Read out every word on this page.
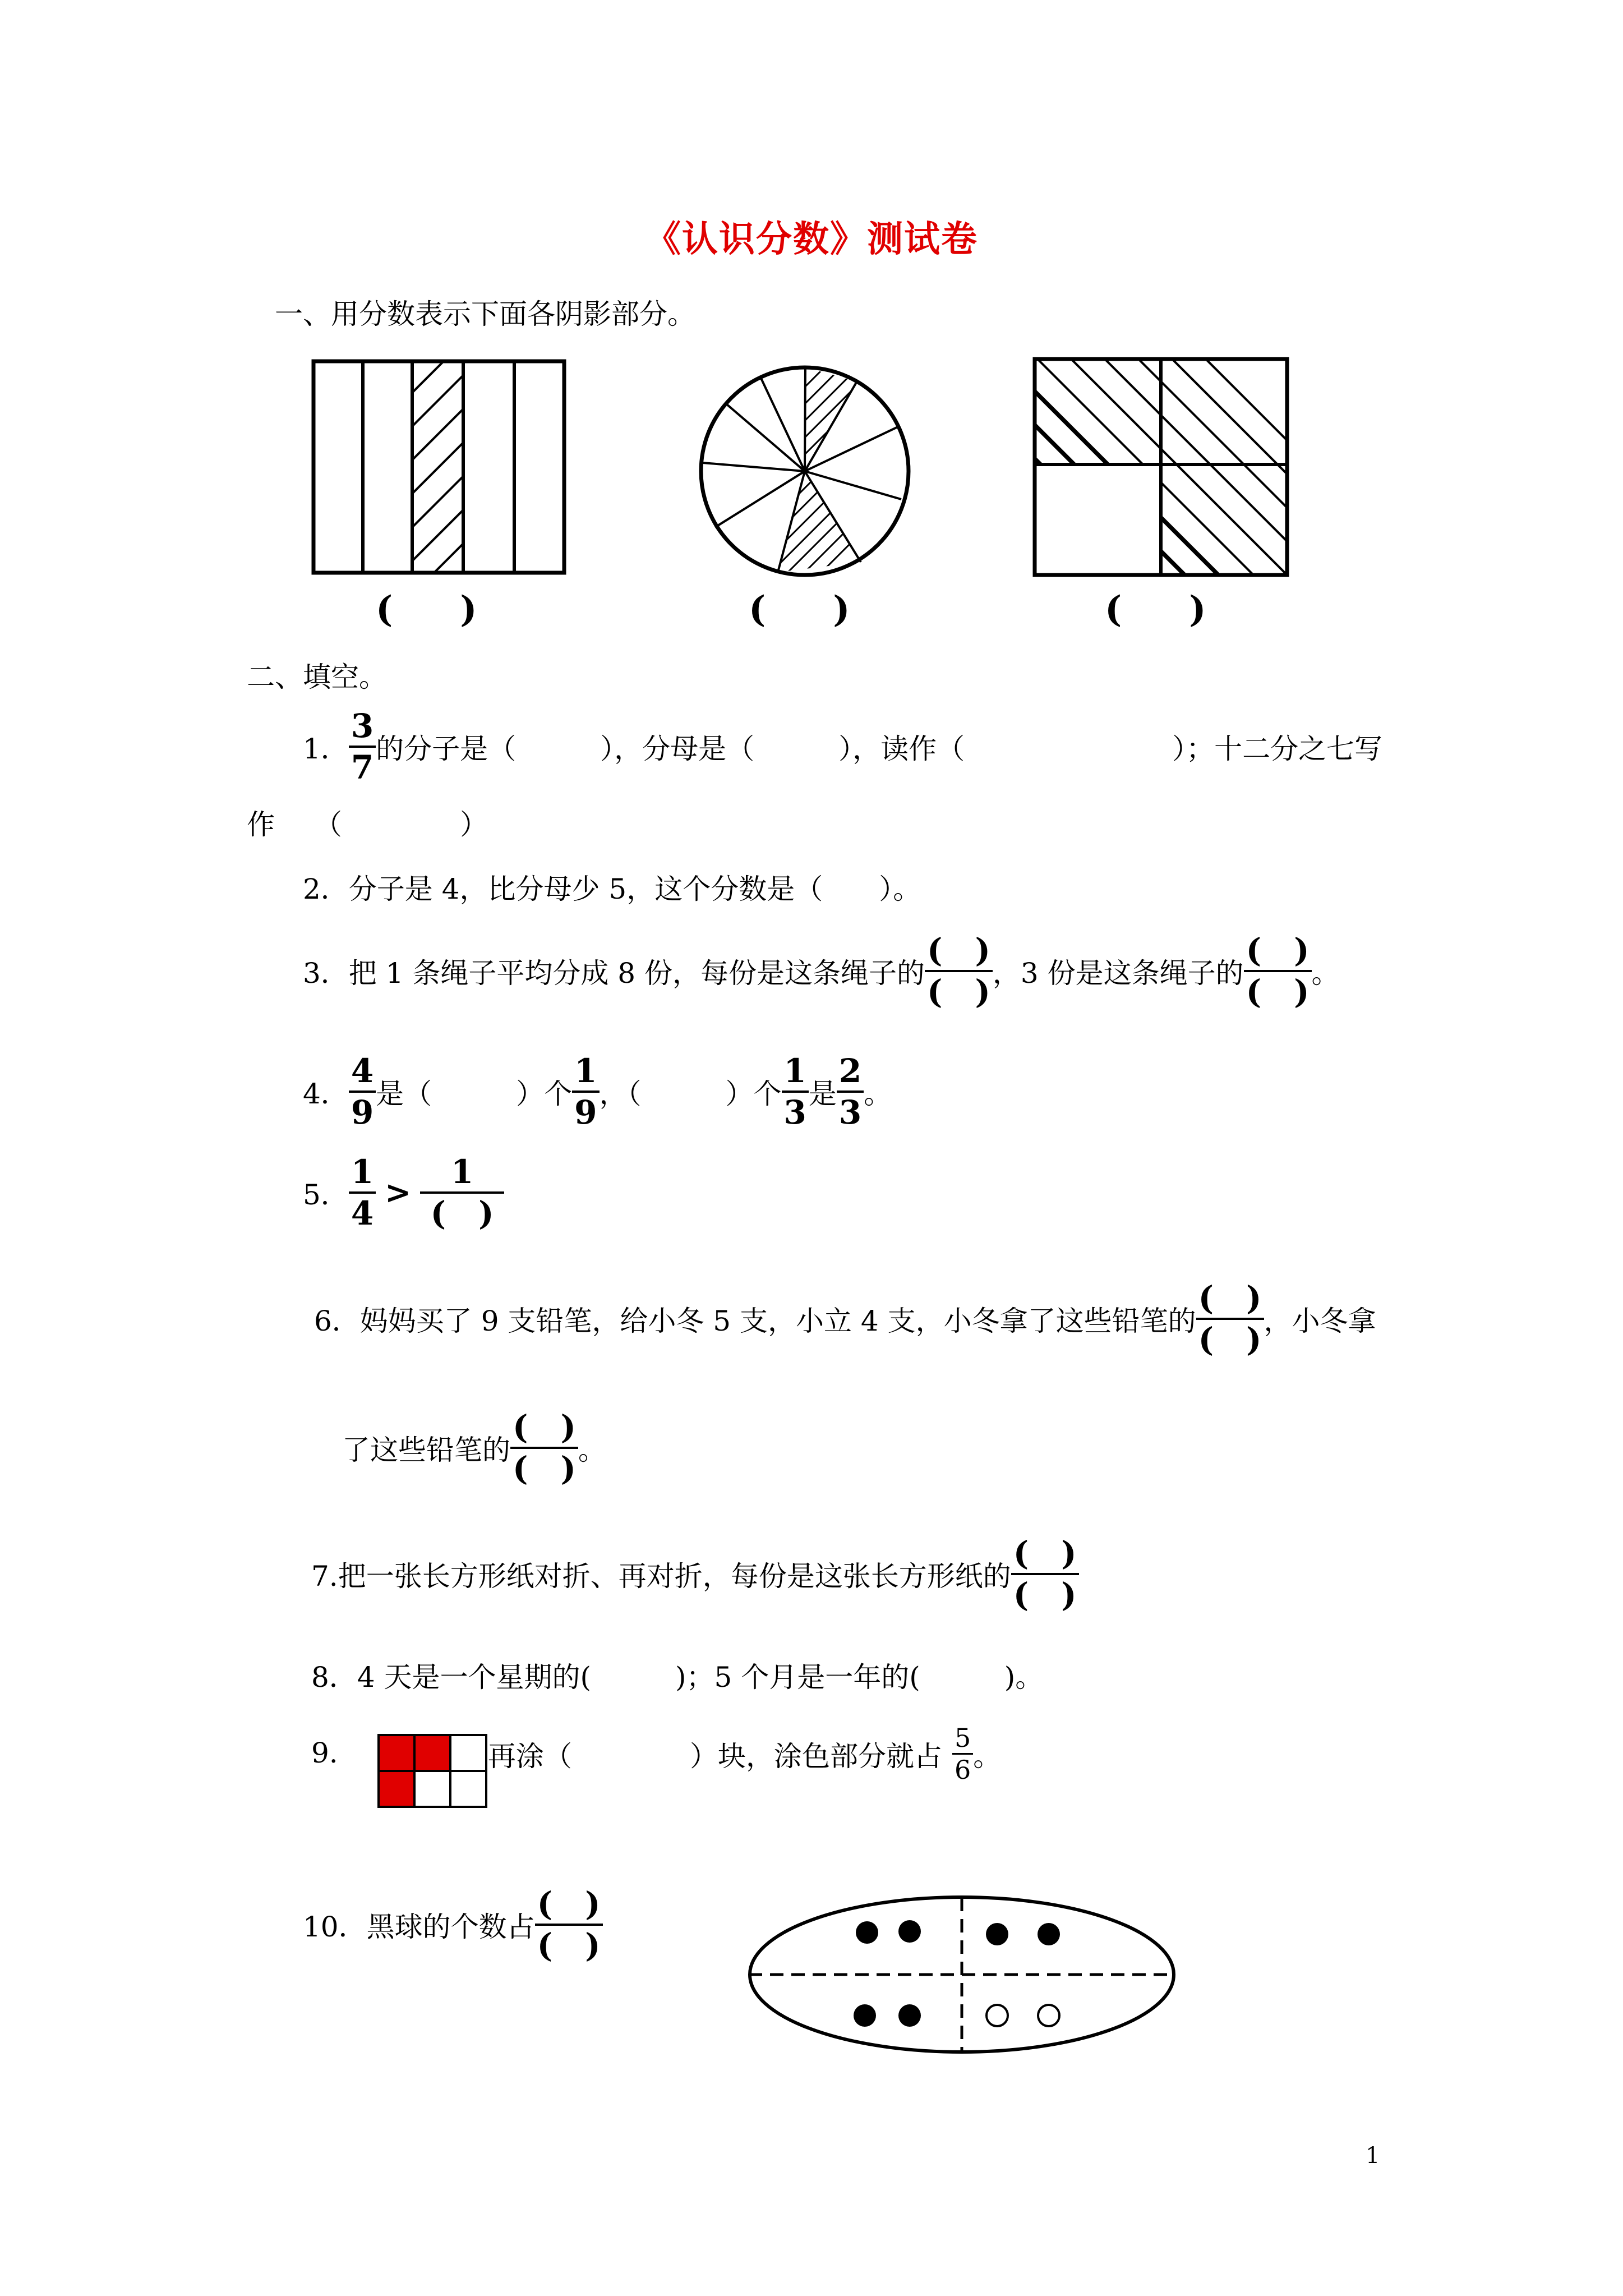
《认识分数》测试卷
一、用分数表示下面各阴影部分。
( )	( )	( )
二、填空。
1．
3
7 的分子是（	），分母是（	），读作（	）；十二分之七写
作 （	）
2．分子是 4，比分母少 5，这个分数是（　　）。
3．把 1 条绳子平均分成 8 份，每份是这条绳子的
(　)
(　) ，3 份是这条绳子的
(　)
(　) 。
4．
4
9 是（	）个
1
9 ，（	）个
1
3 是
2
3 。
5．
1
4
>
1
(　)
6．妈妈买了 9 支铅笔，给小冬 5 支，小立 4 支，小冬拿了这些铅笔的
(　)
(　) ，小冬拿
了这些铅笔的
(　)
(　) 。
7.把一张长方形纸对折、再对折，每份是这张长方形纸的
(　)
(　)
8．4 天是一个星期的(　　　)；5 个月是一年的(　　　)。
9.	再涂（	）块，涂色部分就占
5
6 。
10．黑球的个数占
(　)
(　)
1
